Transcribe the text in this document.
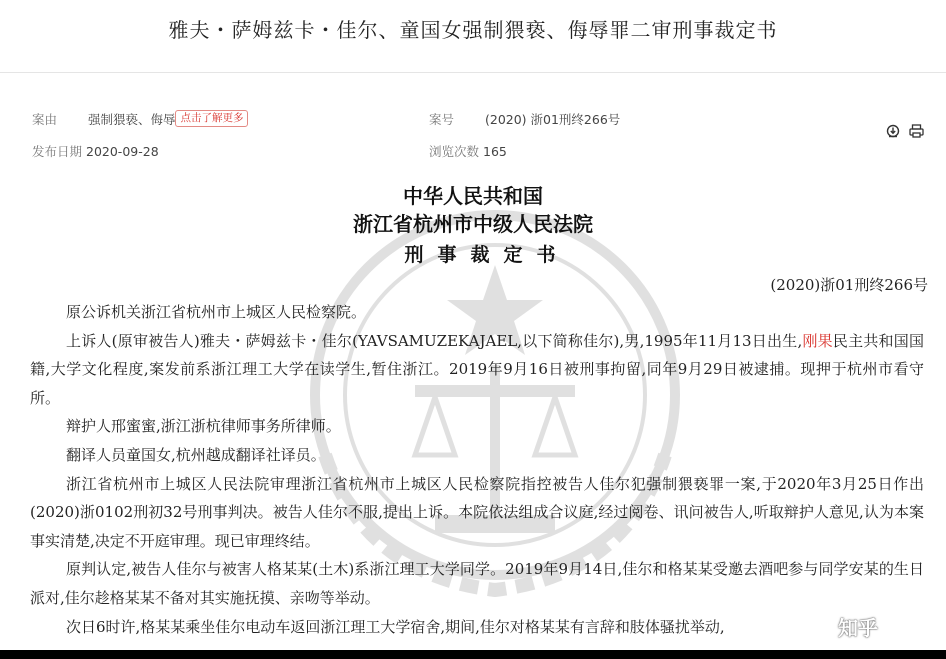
雅夫・萨姆兹卡・佳尔、童国女强制猥亵、侮辱罪二审刑事裁定书
案由 强制猥亵、侮辱 点击了解更多	案号 (2020) 浙01刑终266号
发布日期 2020-09-28	浏览次数 165

中华人民共和国
浙江省杭州市中级人民法院
刑事裁定书
(2020)浙01刑终266号

原公诉机关浙江省杭州市上城区人民检察院。

上诉人(原审被告人)雅夫・萨姆兹卡・佳尔(YAVSAMUZEKAJAEL,以下简称佳尔),男,1995年11月13日出生,刚果民主共和国国籍,大学文化程度,案发前系浙江理工大学在读学生,暂住浙江。2019年9月16日被刑事拘留,同年9月29日被逮捕。现押于杭州市看守所。

辩护人邢蜜蜜,浙江浙杭律师事务所律师。

翻译人员童国女,杭州越成翻译社译员。

浙江省杭州市上城区人民法院审理浙江省杭州市上城区人民检察院指控被告人佳尔犯强制猥亵罪一案,于2020年3月25日作出(2020)浙0102刑初32号刑事判决。被告人佳尔不服,提出上诉。本院依法组成合议庭,经过阅卷、讯问被告人,听取辩护人意见,认为本案事实清楚,决定不开庭审理。现已审理终结。

原判认定,被告人佳尔与被害人格某某(土木)系浙江理工大学同学。2019年9月14日,佳尔和格某某受邀去酒吧参与同学安某的生日派对,佳尔趁格某某不备对其实施抚摸、亲吻等举动。

次日6时许,格某某乘坐佳尔电动车返回浙江理工大学宿舍,期间,佳尔对格某某有言辞和肢体骚扰举动,	知乎
